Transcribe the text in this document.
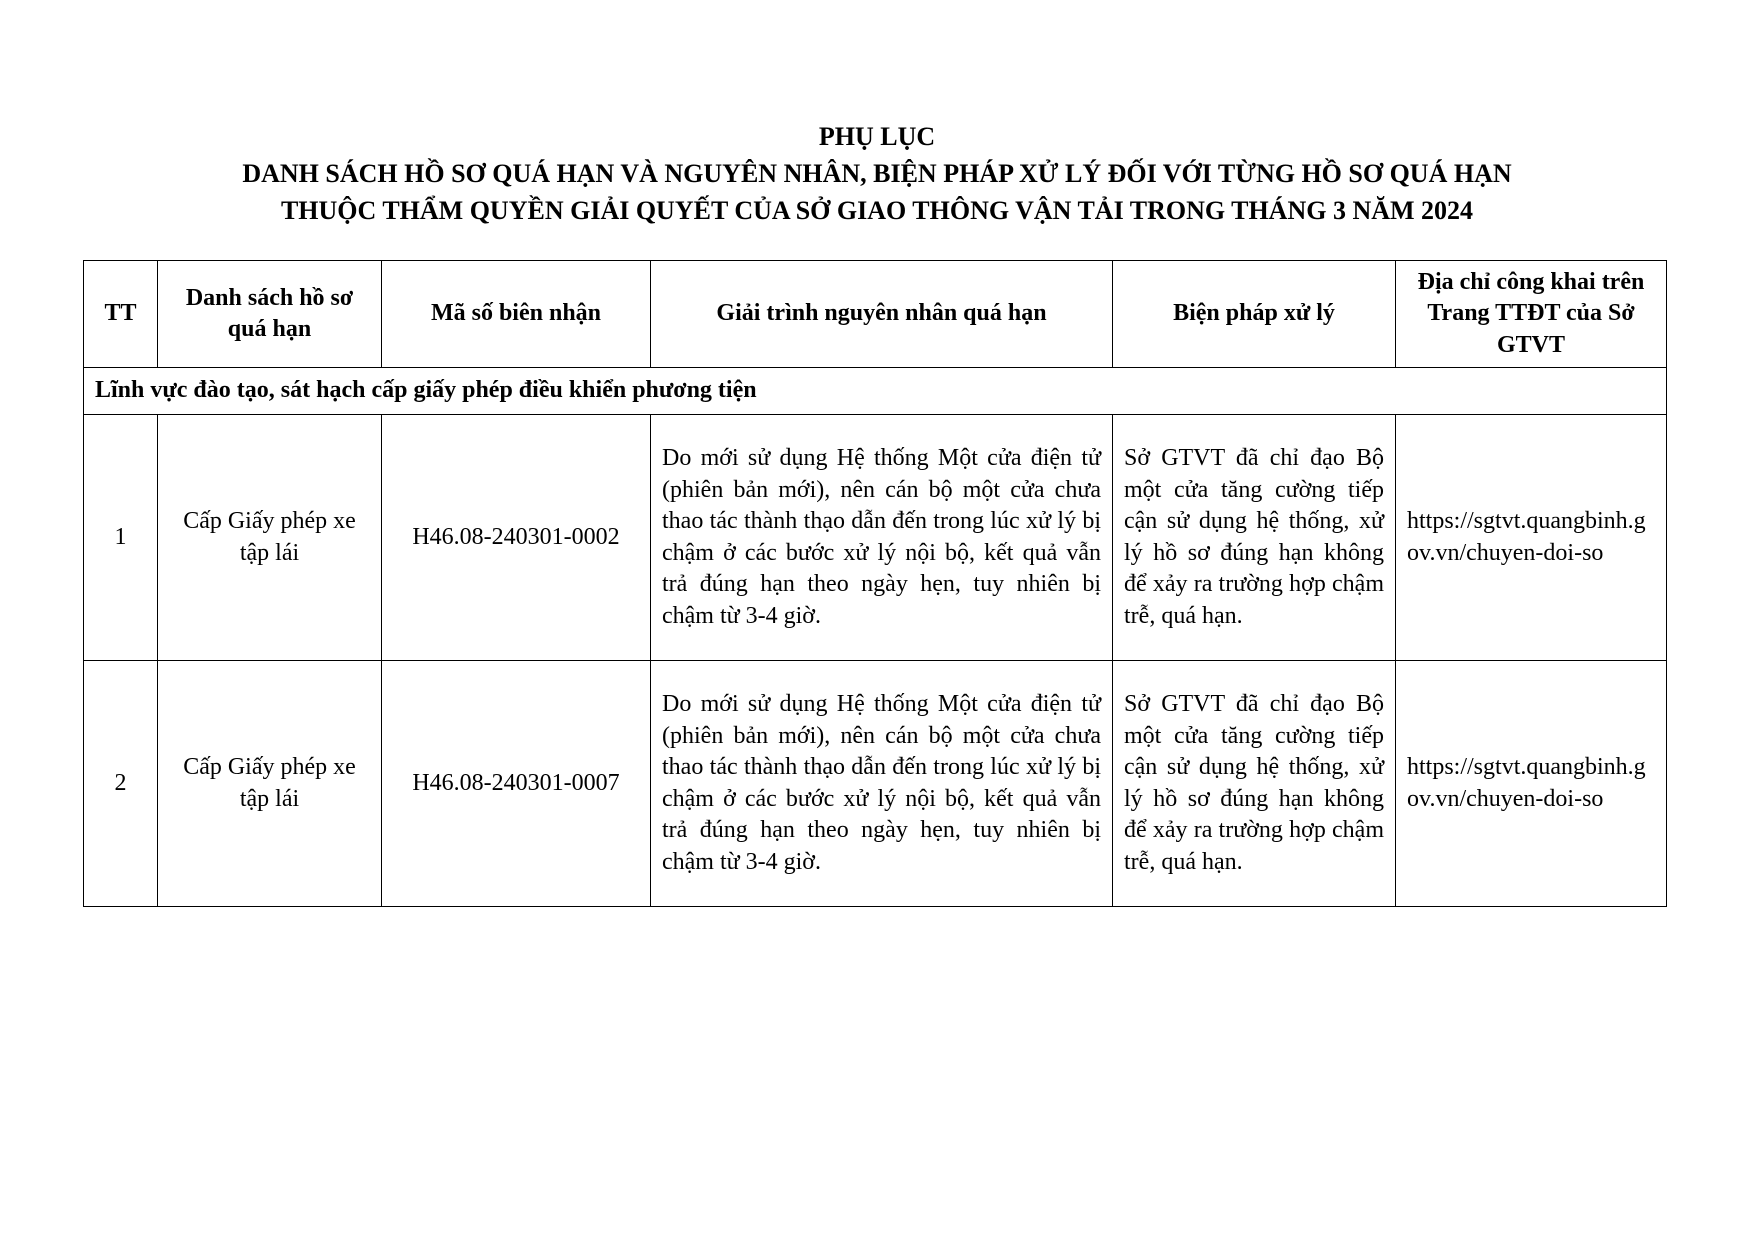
PHỤ LỤC
DANH SÁCH HỒ SƠ QUÁ HẠN VÀ NGUYÊN NHÂN, BIỆN PHÁP XỬ LÝ ĐỐI VỚI TỪNG HỒ SƠ QUÁ HẠN
THUỘC THẨM QUYỀN GIẢI QUYẾT CỦA SỞ GIAO THÔNG VẬN TẢI TRONG THÁNG 3 NĂM 2024
TT	Danh sách hồ sơ quá hạn	Mã số biên nhận	Giải trình nguyên nhân quá hạn	Biện pháp xử lý	Địa chỉ công khai trên Trang TTĐT của Sở GTVT
Lĩnh vực đào tạo, sát hạch cấp giấy phép điều khiển phương tiện					
1	Cấp Giấy phép xe tập lái	H46.08-240301-0002	Do mới sử dụng Hệ thống Một cửa điện tử (phiên bản mới), nên cán bộ một cửa chưa thao tác thành thạo dẫn đến trong lúc xử lý bị chậm ở các bước xử lý nội bộ, kết quả vẫn trả đúng hạn theo ngày hẹn, tuy nhiên bị chậm từ 3-4 giờ.	Sở GTVT đã chỉ đạo Bộ một cửa tăng cường tiếp cận sử dụng hệ thống, xử lý hồ sơ đúng hạn không để xảy ra trường hợp chậm trễ, quá hạn.	https://sgtvt.quangbinh.gov.vn/chuyen-doi-so
2	Cấp Giấy phép xe tập lái	H46.08-240301-0007	Do mới sử dụng Hệ thống Một cửa điện tử (phiên bản mới), nên cán bộ một cửa chưa thao tác thành thạo dẫn đến trong lúc xử lý bị chậm ở các bước xử lý nội bộ, kết quả vẫn trả đúng hạn theo ngày hẹn, tuy nhiên bị chậm từ 3-4 giờ.	Sở GTVT đã chỉ đạo Bộ một cửa tăng cường tiếp cận sử dụng hệ thống, xử lý hồ sơ đúng hạn không để xảy ra trường hợp chậm trễ, quá hạn.	https://sgtvt.quangbinh.gov.vn/chuyen-doi-so
